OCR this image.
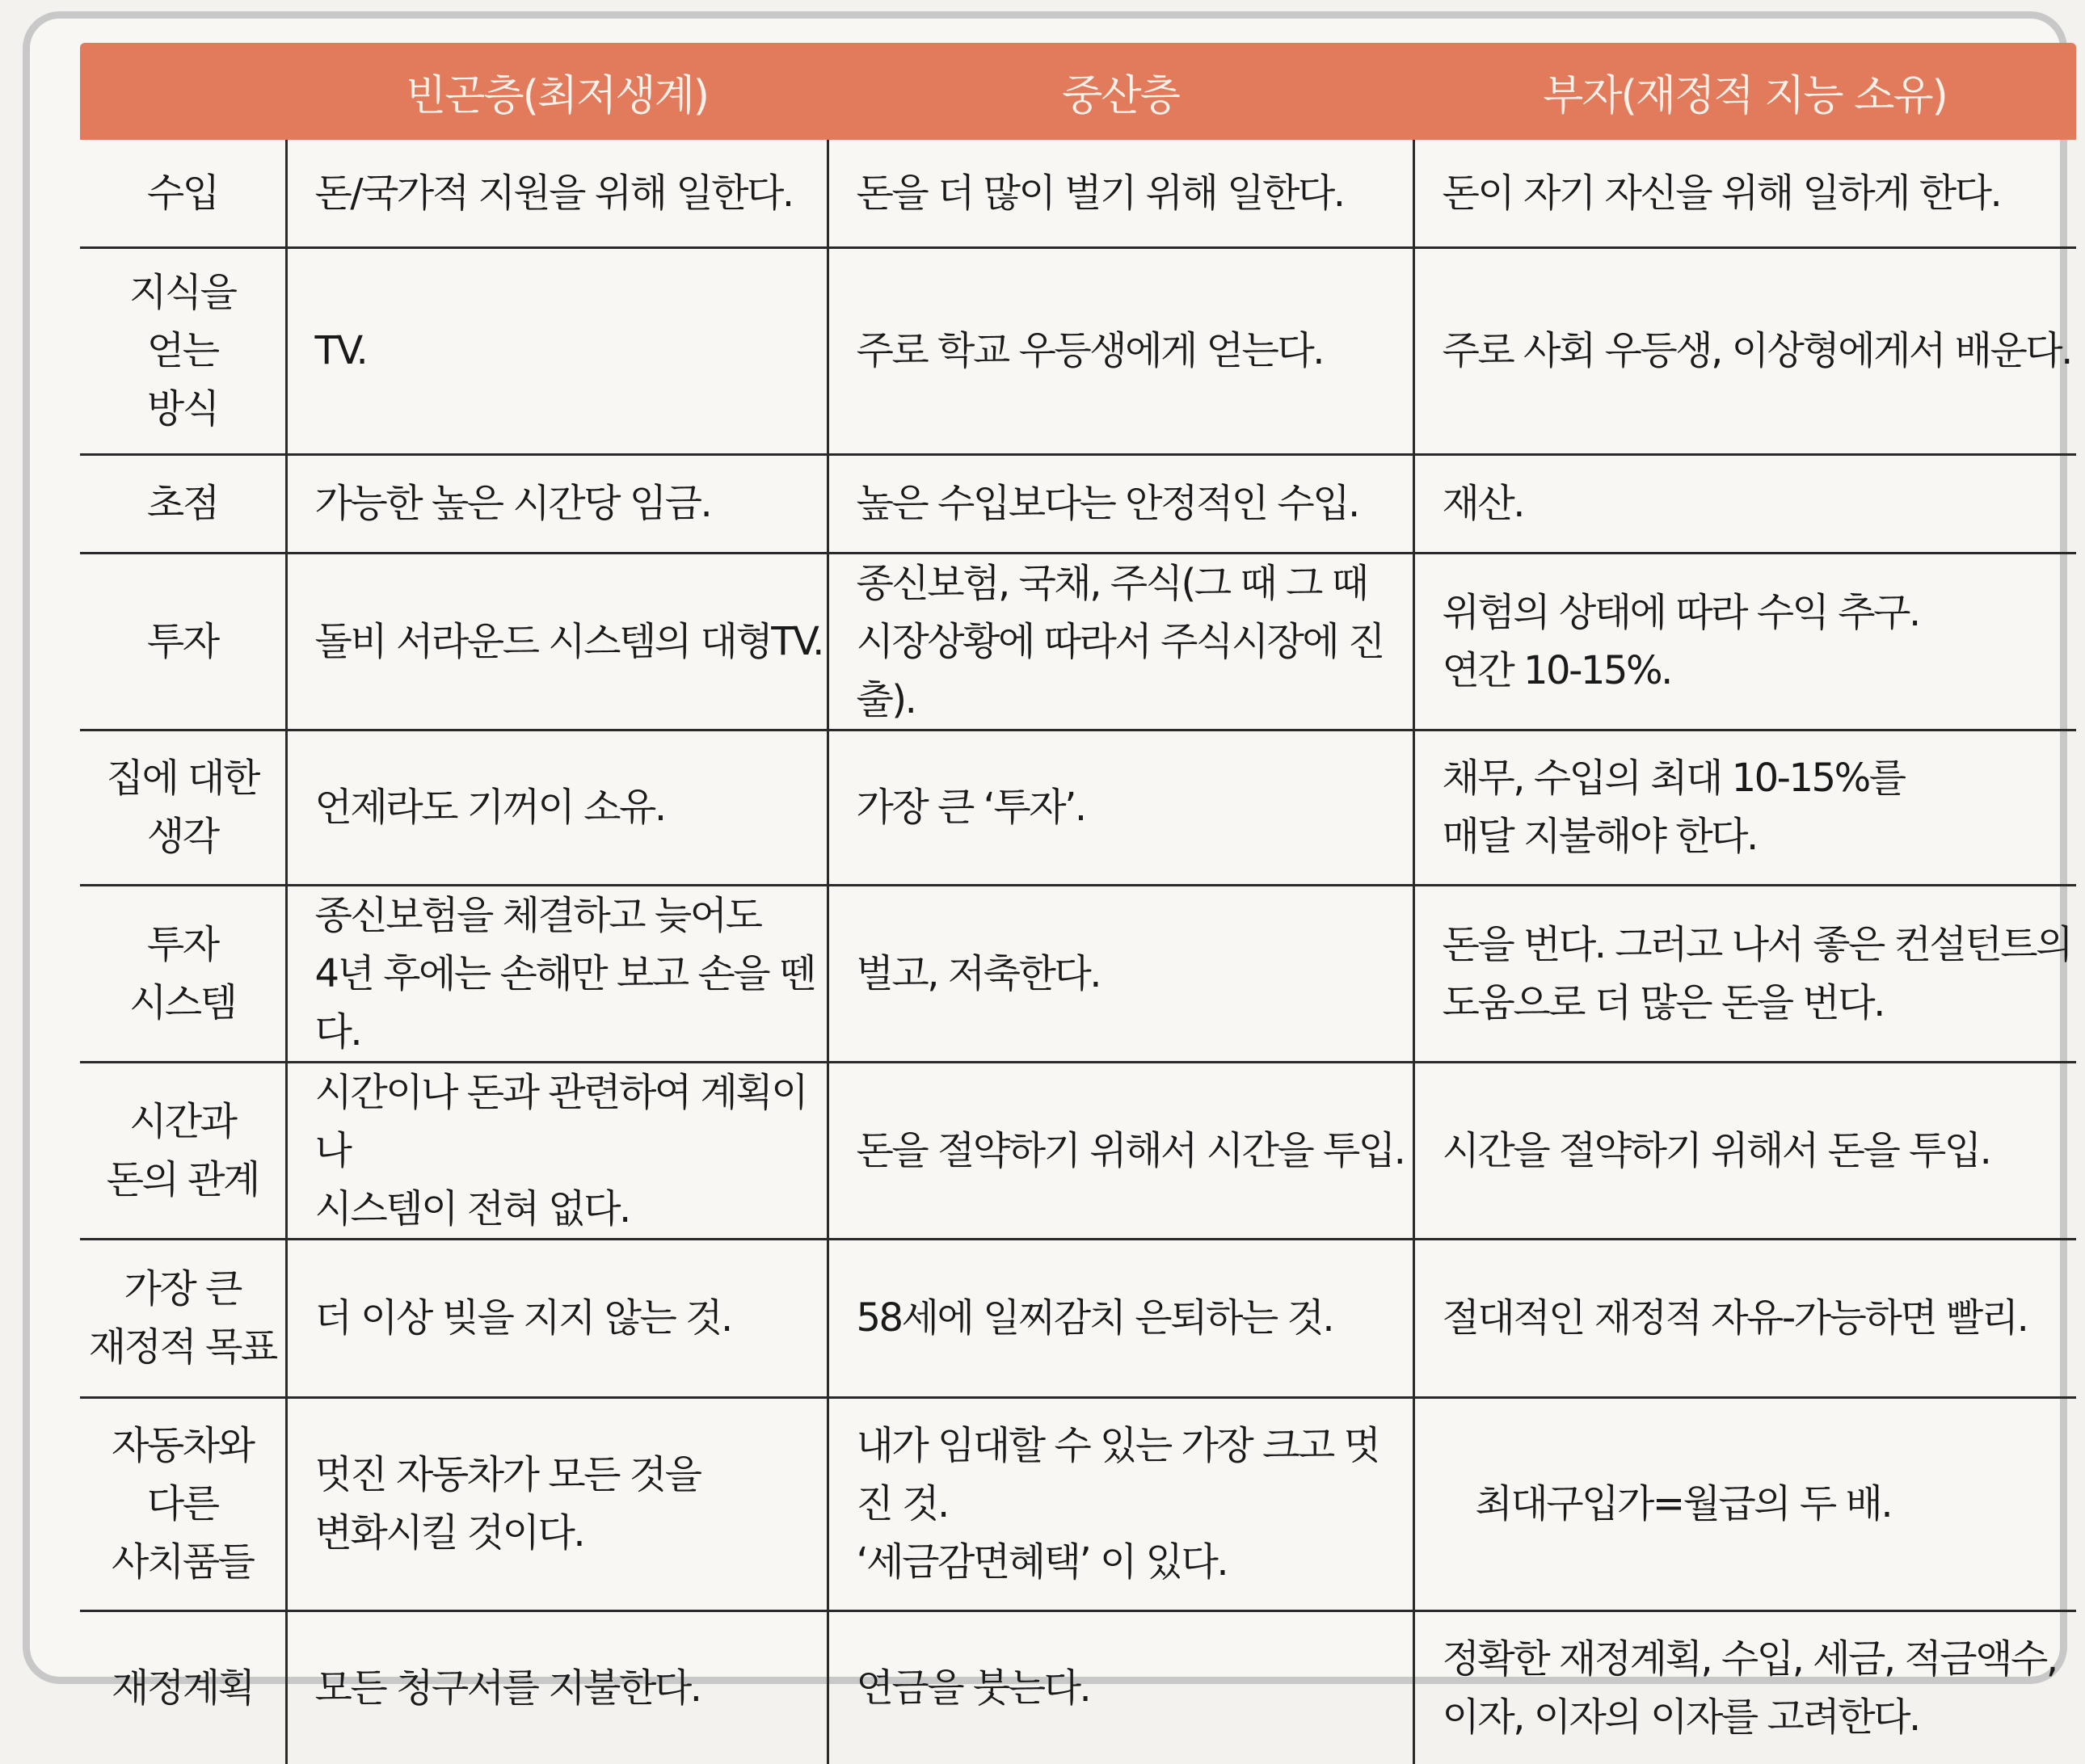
	빈곤층(최저생계)	중산층	부자(재정적 지능 소유)
수입	돈/국가적 지원을 위해 일한다.	돈을 더 많이 벌기 위해 일한다.	돈이 자기 자신을 위해 일하게 한다.

지식을
얻는
방식	TV.	주로 학교 우등생에게 얻는다.	주로 사회 우등생, 이상형에게서 배운다.

초점	가능한 높은 시간당 임금.	높은 수입보다는 안정적인 수입.	재산.

투자	돌비 서라운드 시스템의 대형TV.	종신보험, 국채, 주식(그 때 그 때
시장상황에 따라서 주식시장에 진출).	위험의 상태에 따라 수익 추구.
연간 10-15%.

집에 대한
생각	언제라도 기꺼이 소유.	가장 큰 ‘투자’.	채무, 수입의 최대 10-15%를
매달 지불해야 한다.

투자
시스템	종신보험을 체결하고 늦어도
4년 후에는 손해만 보고 손을 뗀다.	벌고, 저축한다.	돈을 번다. 그러고 나서 좋은 컨설턴트의
도움으로 더 많은 돈을 번다.

시간과
돈의 관계	시간이나 돈과 관련하여 계획이나
시스템이 전혀 없다.	돈을 절약하기 위해서 시간을 투입.	시간을 절약하기 위해서 돈을 투입.

가장 큰
재정적 목표	더 이상 빚을 지지 않는 것.	58세에 일찌감치 은퇴하는 것.	절대적인 재정적 자유-가능하면 빨리.

자동차와
다른
사치품들	멋진 자동차가 모든 것을
변화시킬 것이다.	내가 임대할 수 있는 가장 크고 멋진 것.
‘세금감면혜택’ 이 있다.	최대구입가=월급의 두 배.

재정계획	모든 청구서를 지불한다.	연금을 붓는다.	정확한 재정계획, 수입, 세금, 적금액수,
이자, 이자의 이자를 고려한다.
